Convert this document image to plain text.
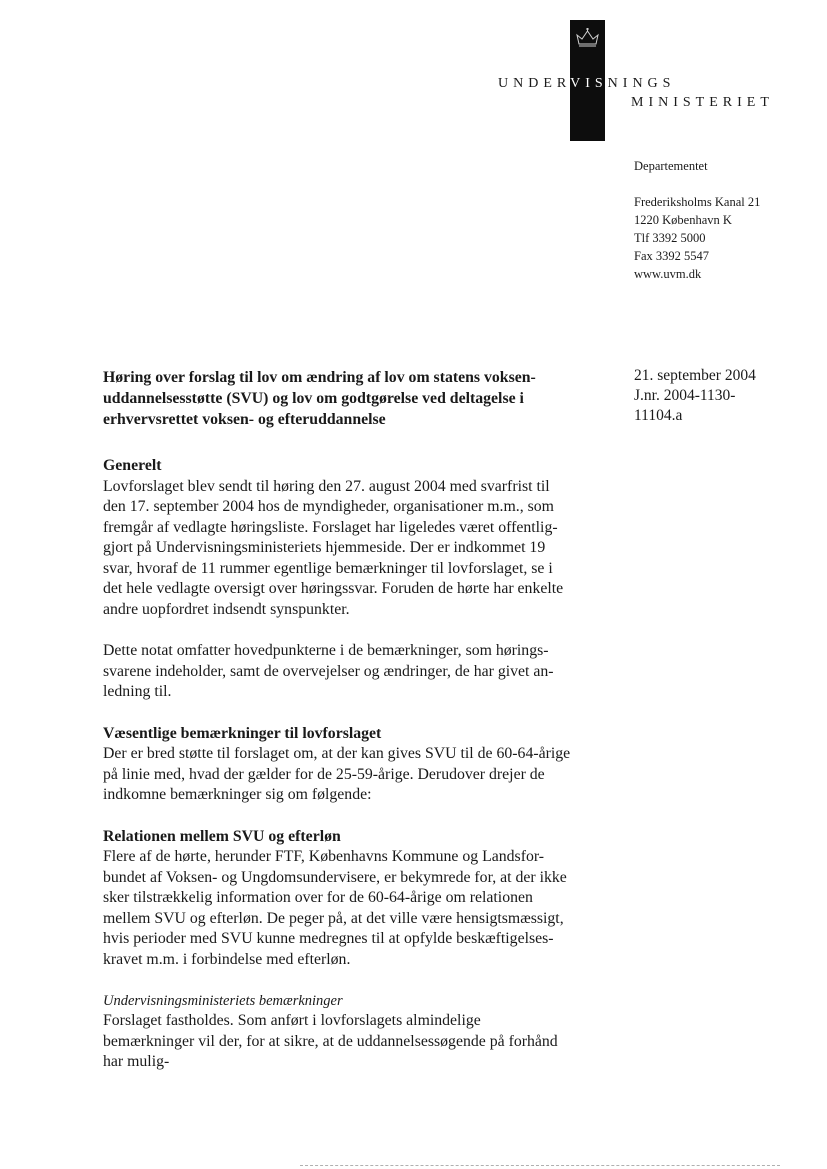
UNDERVISNINGS
MINISTERIET
Departementet
Frederiksholms Kanal 21
1220 København K
Tlf 3392 5000
Fax 3392 5547
www.uvm.dk
21. september 2004
J.nr. 2004-1130-
11104.a
Høring over forslag til lov om ændring af lov om statens voksen-uddannelsesstøtte (SVU) og lov om godtgørelse ved deltagelse i erhvervsrettet voksen- og efteruddannelse
Generelt

Lovforslaget blev sendt til høring den 27. august 2004 med svarfrist til den 17. september 2004 hos de myndigheder, organisationer m.m., som fremgår af vedlagte høringsliste. Forslaget har ligeledes været offentlig-gjort på Undervisningsministeriets hjemmeside. Der er indkommet 19 svar, hvoraf de 11 rummer egentlige bemærkninger til lovforslaget, se i det hele vedlagte oversigt over høringssvar. Foruden de hørte har enkelte andre uopfordret indsendt synspunkter.

Dette notat omfatter hovedpunkterne i de bemærkninger, som hørings-svarene indeholder, samt de overvejelser og ændringer, de har givet an-ledning til.

Væsentlige bemærkninger til lovforslaget

Der er bred støtte til forslaget om, at der kan gives SVU til de 60-64-årige på linie med, hvad der gælder for de 25-59-årige. Derudover drejer de indkomne bemærkninger sig om følgende:

Relationen mellem SVU og efterløn

Flere af de hørte, herunder FTF, Københavns Kommune og Landsfor-bundet af Voksen- og Ungdomsundervisere, er bekymrede for, at der ikke sker tilstrækkelig information over for de 60-64-årige om relationen mellem SVU og efterløn. De peger på, at det ville være hensigtsmæssigt, hvis perioder med SVU kunne medregnes til at opfylde beskæftigelses-kravet m.m. i forbindelse med efterløn.

Undervisningsministeriets bemærkninger

Forslaget fastholdes. Som anført i lovforslagets almindelige bemærkninger vil der, for at sikre, at de uddannelsessøgende på forhånd har mulig-
